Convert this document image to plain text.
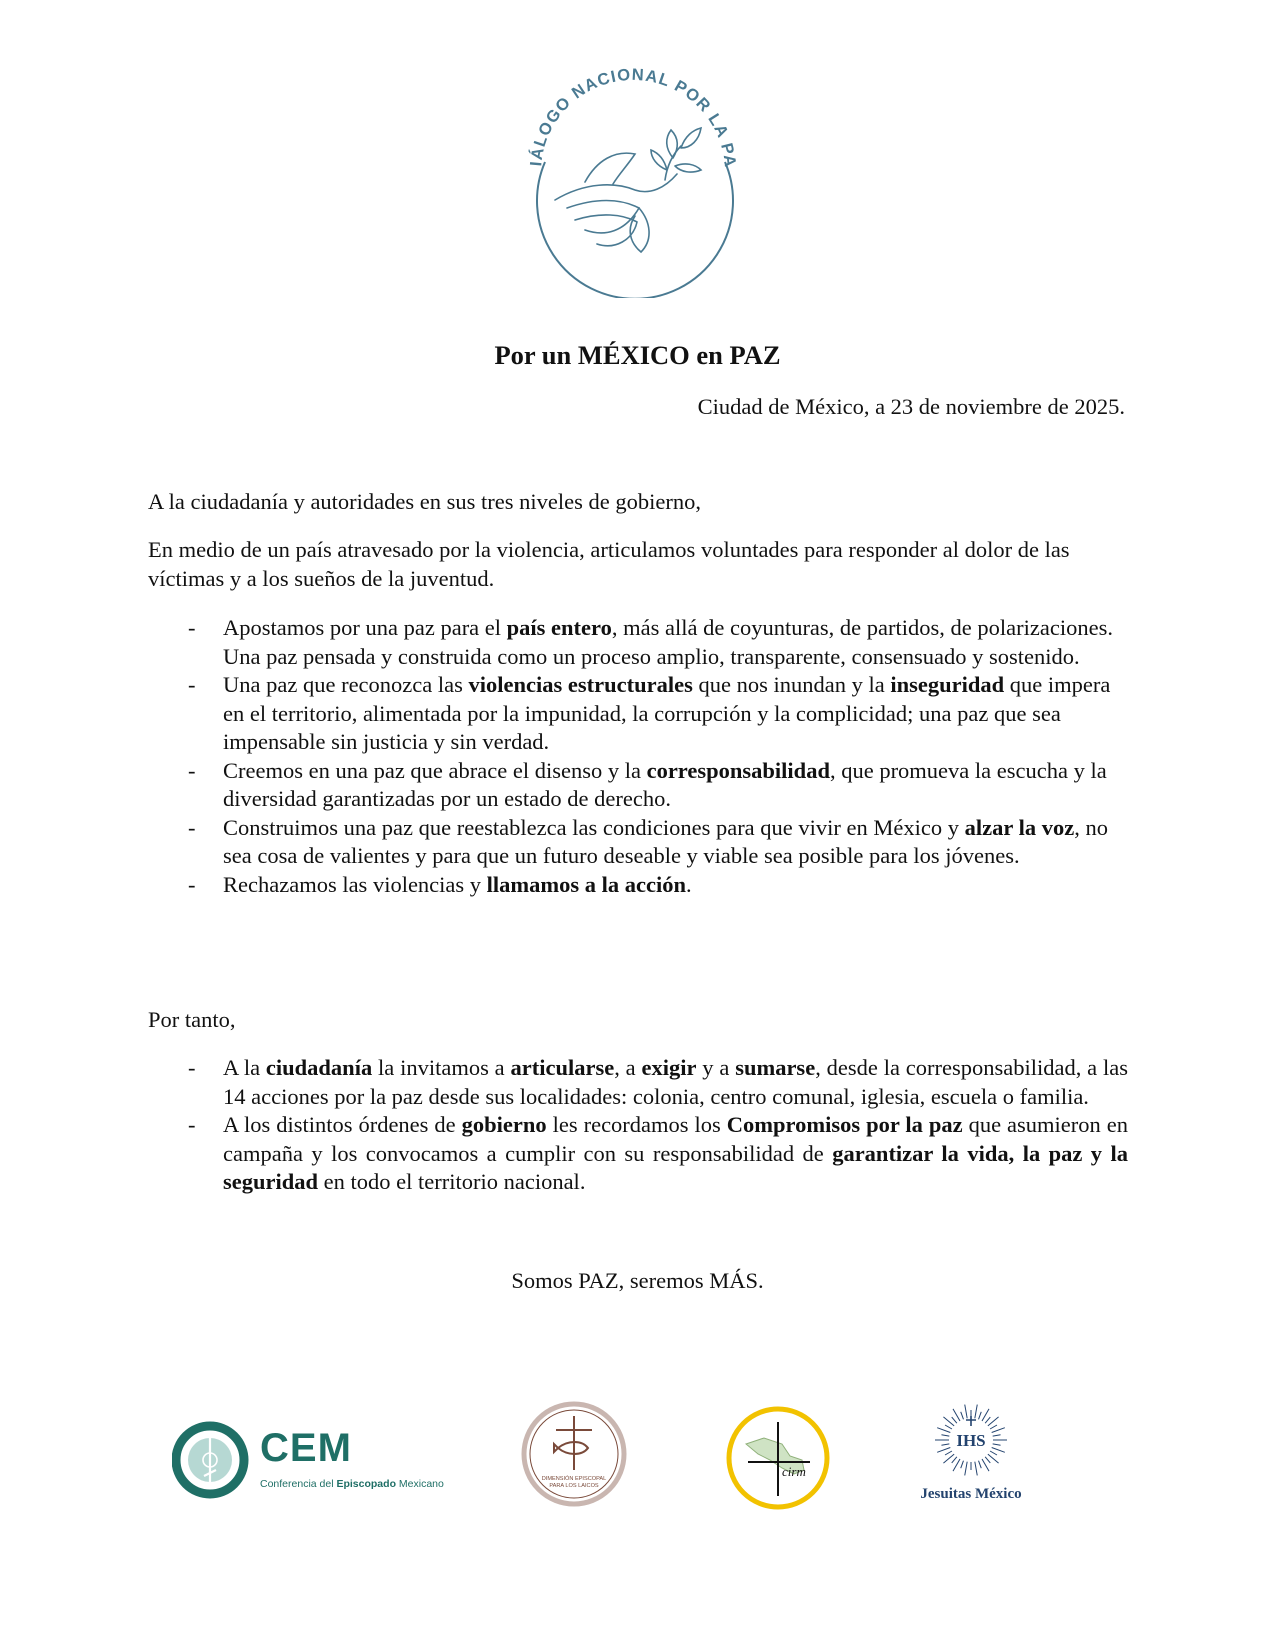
IÁLOGO NACIONAL POR LA PA
Por un MÉXICO en PAZ

Ciudad de México, a 23 de noviembre de 2025.

A la ciudadanía y autoridades en sus tres niveles de gobierno,

En medio de un país atravesado por la violencia, articulamos voluntades para responder al dolor de las víctimas y a los sueños de la juventud.

- Apostamos por una paz para el país entero, más allá de coyunturas, de partidos, de polarizaciones. Una paz pensada y construida como un proceso amplio, transparente, consensuado y sostenido.
- Una paz que reconozca las violencias estructurales que nos inundan y la inseguridad que impera en el territorio, alimentada por la impunidad, la corrupción y la complicidad; una paz que sea impensable sin justicia y sin verdad.
- Creemos en una paz que abrace el disenso y la corresponsabilidad, que promueva la escucha y la diversidad garantizadas por un estado de derecho.
- Construimos una paz que reestablezca las condiciones para que vivir en México y alzar la voz, no sea cosa de valientes y para que un futuro deseable y viable sea posible para los jóvenes.
- Rechazamos las violencias y llamamos a la acción.

Por tanto,

- A la ciudadanía la invitamos a articularse, a exigir y a sumarse, desde la corresponsabilidad, a las 14 acciones por la paz desde sus localidades: colonia, centro comunal, iglesia, escuela o familia.
- A los distintos órdenes de gobierno les recordamos los Compromisos por la paz que asumieron en campaña y los convocamos a cumplir con su responsabilidad de garantizar la vida, la paz y la seguridad en todo el territorio nacional.

Somos PAZ, seremos MÁS.

CEM
Conferencia del Episcopado Mexicano	DIMENSIÓN EPISCOPAL
PARA LOS LAICOS
cirm
IHS
Jesuitas México
